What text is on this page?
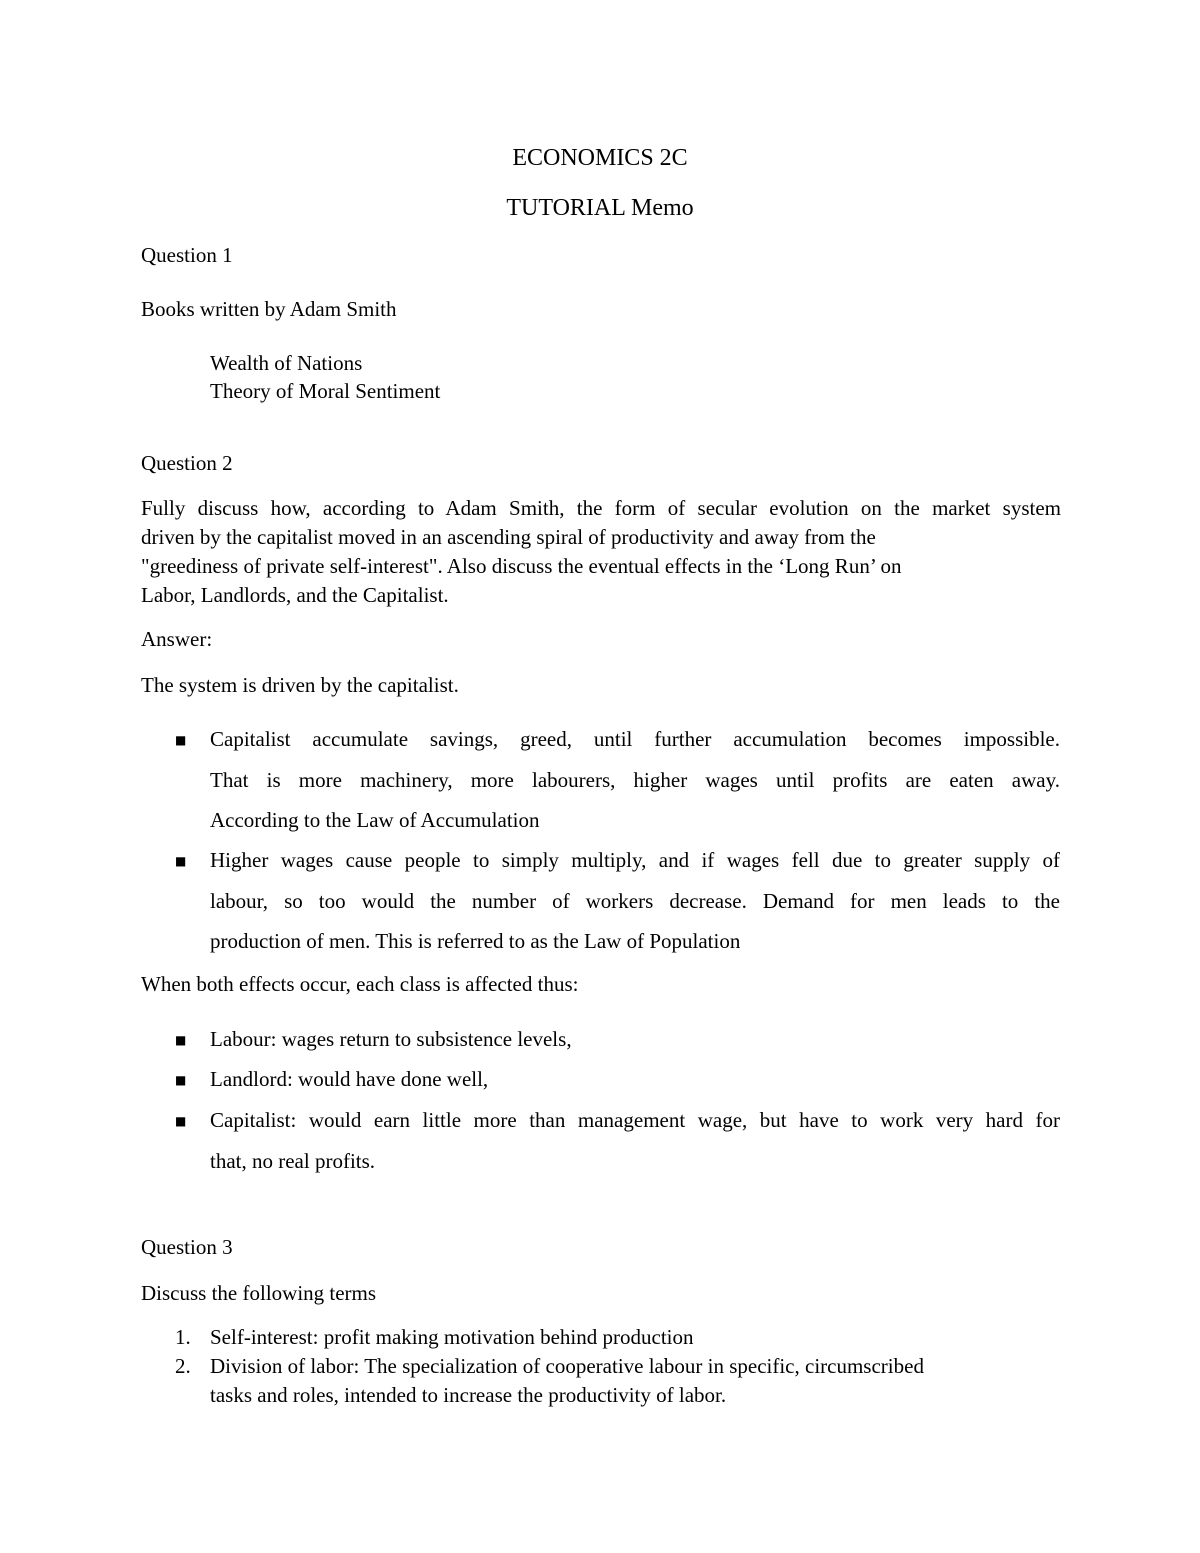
ECONOMICS 2C

TUTORIAL Memo

Question 1

Books written by Adam Smith

Wealth of Nations

Theory of Moral Sentiment

Question 2

Fully discuss how, according to Adam Smith, the form of secular evolution on the market system
driven by the capitalist moved in an ascending spiral of productivity and away from the
"greediness of private self-interest". Also discuss the eventual effects in the ‘Long Run’ on
Labor, Landlords, and the Capitalist.

Answer:

The system is driven by the capitalist.

■	Capitalist accumulate savings, greed, until further accumulation becomes impossible.
That is more machinery, more labourers, higher wages until profits are eaten away.
According to the Law of Accumulation

■	Higher wages cause people to simply multiply, and if wages fell due to greater supply of
labour, so too would the number of workers decrease. Demand for men leads to the
production of men. This is referred to as the Law of Population

When both effects occur, each class is affected thus:

■	Labour: wages return to subsistence levels,

■	Landlord: would have done well,

■	Capitalist: would earn little more than management wage, but have to work very hard for
that, no real profits.

Question 3

Discuss the following terms

1. Self-interest: profit making motivation behind production

2. Division of labor: The specialization of cooperative labour in specific, circumscribed
tasks and roles, intended to increase the productivity of labor.
